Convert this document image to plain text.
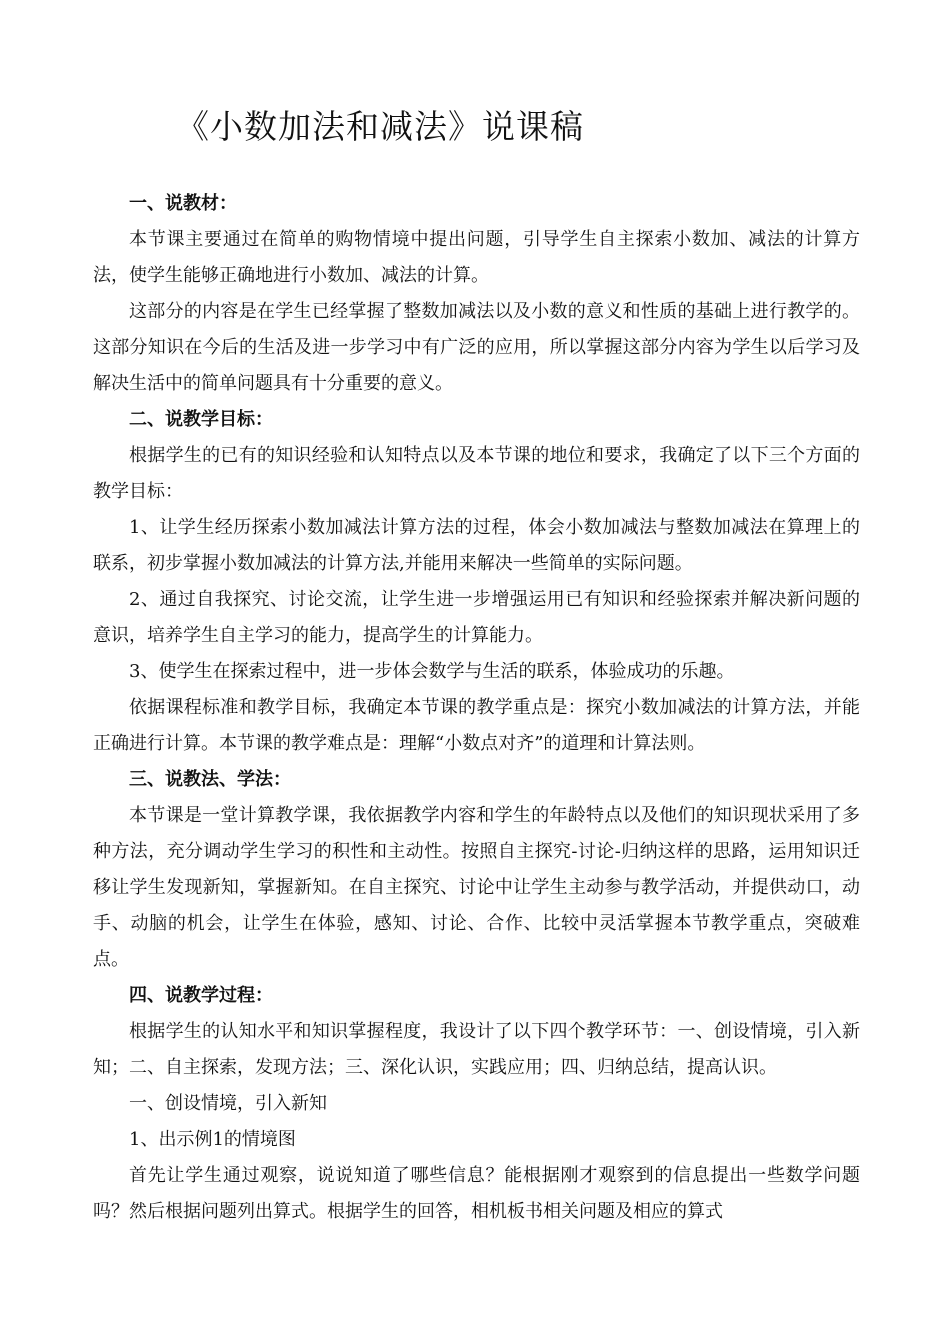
《小数加法和减法》说课稿

一、说教材：

本节课主要通过在简单的购物情境中提出问题，引导学生自主探索小数加、减法的计算方法，使学生能够正确地进行小数加、减法的计算。

这部分的内容是在学生已经掌握了整数加减法以及小数的意义和性质的基础上进行教学的。这部分知识在今后的生活及进一步学习中有广泛的应用，所以掌握这部分内容为学生以后学习及解决生活中的简单问题具有十分重要的意义。

二、说教学目标：

根据学生的已有的知识经验和认知特点以及本节课的地位和要求，我确定了以下三个方面的教学目标：

1、让学生经历探索小数加减法计算方法的过程，体会小数加减法与整数加减法在算理上的联系，初步掌握小数加减法的计算方法,并能用来解决一些简单的实际问题。

2、通过自我探究、讨论交流，让学生进一步增强运用已有知识和经验探索并解决新问题的意识，培养学生自主学习的能力，提高学生的计算能力。

3、使学生在探索过程中，进一步体会数学与生活的联系，体验成功的乐趣。

依据课程标准和教学目标，我确定本节课的教学重点是：探究小数加减法的计算方法，并能正确进行计算。本节课的教学难点是：理解“小数点对齐”的道理和计算法则。

三、说教法、学法：

本节课是一堂计算教学课，我依据教学内容和学生的年龄特点以及他们的知识现状采用了多种方法，充分调动学生学习的积性和主动性。按照自主探究-讨论-归纳这样的思路，运用知识迁移让学生发现新知，掌握新知。在自主探究、讨论中让学生主动参与教学活动，并提供动口，动手、动脑的机会，让学生在体验，感知、讨论、合作、比较中灵活掌握本节教学重点，突破难点。

四、说教学过程：

根据学生的认知水平和知识掌握程度，我设计了以下四个教学环节：一、创设情境，引入新知；二、自主探索，发现方法；三、深化认识，实践应用；四、归纳总结，提高认识。

一、创设情境，引入新知

1、出示例1的情境图

首先让学生通过观察，说说知道了哪些信息？能根据刚才观察到的信息提出一些数学问题吗？然后根据问题列出算式。根据学生的回答，相机板书相关问题及相应的算式
